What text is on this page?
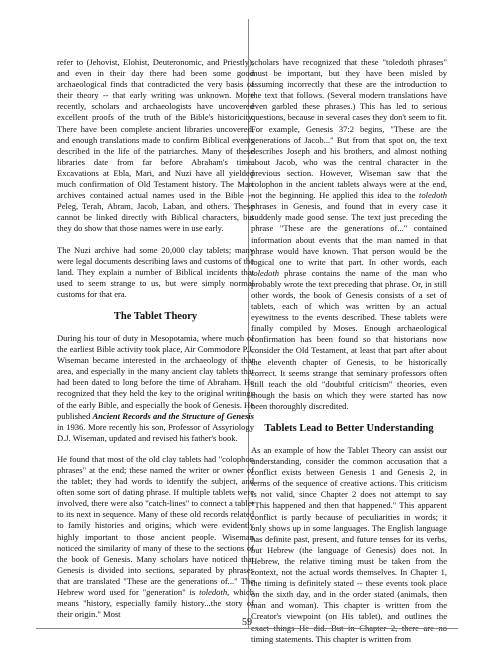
refer to (Jehovist, Elohist, Deuteronomic, and Priestly), and even in their day there had been some good archaeological finds that contradicted the very basis of their theory -- that early writing was unknown. More recently, scholars and archaeologists have uncovered excellent proofs of the truth of the Bible's historicity. There have been complete ancient libraries uncovered, and enough translations made to confirm Biblical events described in the life of the patriarches. Many of these libraries date from far before Abraham's time. Excavations at Ebla, Mari, and Nuzi have all yielded much confirmation of Old Testament history. The Mari archives contained actual names used in the Bible -- Peleg, Terah, Abram, Jacob, Laban, and others. These cannot be linked directly with Biblical characters, but they do show that those names were in use early.

The Nuzi archive had some 20,000 clay tablets; many were legal documents describing laws and customs of the land. They explain a number of Biblical incidents that used to seem strange to us, but were simply normal customs for that era.

The Tablet Theory

During his tour of duty in Mesopotamia, where much of the earliest Bible activity took place, Air Commodore P.J. Wiseman became interested in the archaeology of that area, and especially in the many ancient clay tablets that had been dated to long before the time of Abraham. He recognized that they held the key to the original writings of the early Bible, and especially the book of Genesis. He published Ancient Records and the Structure of Genesis in 1936. More recently his son, Professor of Assyriology D.J. Wiseman, updated and revised his father's book.

He found that most of the old clay tablets had "colophon phrases" at the end; these named the writer or owner of the tablet; they had words to identify the subject, and often some sort of dating phrase. If multiple tablets were involved, there were also "catch-lines" to connect a tablet to its next in sequence. Many of these old records related to family histories and origins, which were evidently highly important to those ancient people. Wiseman noticed the similarity of many of these to the sections of the book of Genesis. Many scholars have noticed that Genesis is divided into sections, separated by phrases that are translated "These are the generations of..." The Hebrew word used for "generation" is toledoth, which means "history, especially family history...the story of their origin." Most

scholars have recognized that these "toledoth phrases" must be important, but they have been misled by assuming incorrectly that these are the introduction to the text that follows. (Several modern translations have even garbled these phrases.) This has led to serious questions, because in several cases they don't seem to fit. For example, Genesis 37:2 begins, "These are the generations of Jacob..." But from that spot on, the text describes Joseph and his brothers, and almost nothing about Jacob, who was the central character in the previous section. However, Wiseman saw that the colophon in the ancient tablets always were at the end, not the beginning. He applied this idea to the toledoth phrases in Genesis, and found that in every case it suddenly made good sense. The text just preceding the phrase "These are the generations of..." contained information about events that the man named in that phrase would have known. That person would be the logical one to write that part. In other words, each toledoth phrase contains the name of the man who probably wrote the text preceding that phrase. Or, in still other words, the book of Genesis consists of a set of tablets, each of which was written by an actual eyewitness to the events described. These tablets were finally compiled by Moses. Enough archaeological confirmation has been found so that historians now consider the Old Testament, at least that part after about the eleventh chapter of Genesis, to be historically correct. It seems strange that seminary professors often still teach the old "doubtful criticism" theories, even though the basis on which they were started has now been thoroughly discredited.

Tablets Lead to Better Understanding

As an example of how the Tablet Theory can assist our understanding, consider the common accusation that a conflict exists between Genesis 1 and Genesis 2, in terms of the sequence of creative actions. This criticism is not valid, since Chapter 2 does not attempt to say "This happened and then that happened." This apparent conflict is partly because of peculiarities in words; it only shows up in some languages. The English language has definite past, present, and future tenses for its verbs, but Hebrew (the language of Genesis) does not. In Hebrew, the relative timing must be taken from the context, not the actual words themselves. In Chapter 1, the timing is definitely stated -- these events took place on the sixth day, and in the order stated (animals, then man and woman). This chapter is written from the Creator's viewpoint (on His tablet), and outlines the exact things He did. But in Chapter 2, there are no timing statements. This chapter is written from

59
